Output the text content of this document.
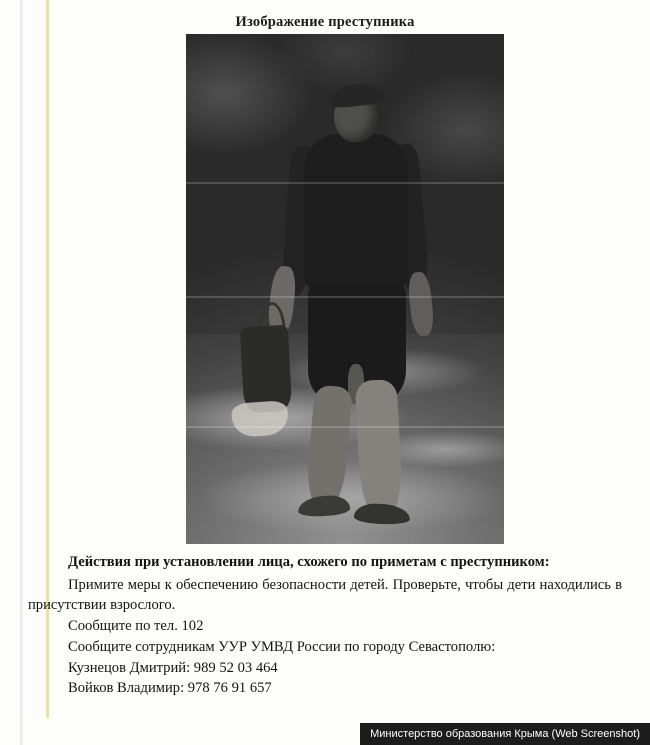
Изображение преступника

Действия при установлении лица, схожего по приметам с преступником:

Примите меры к обеспечению безопасности детей. Проверьте, чтобы дети находились в присутствии взрослого.

Сообщите по тел. 102

Сообщите сотрудникам УУР УМВД России по городу Севастополю:

Кузнецов Дмитрий: 989 52 03 464

Войков Владимир: 978 76 91 657

Министерство образования Крыма (Web Screenshot)
